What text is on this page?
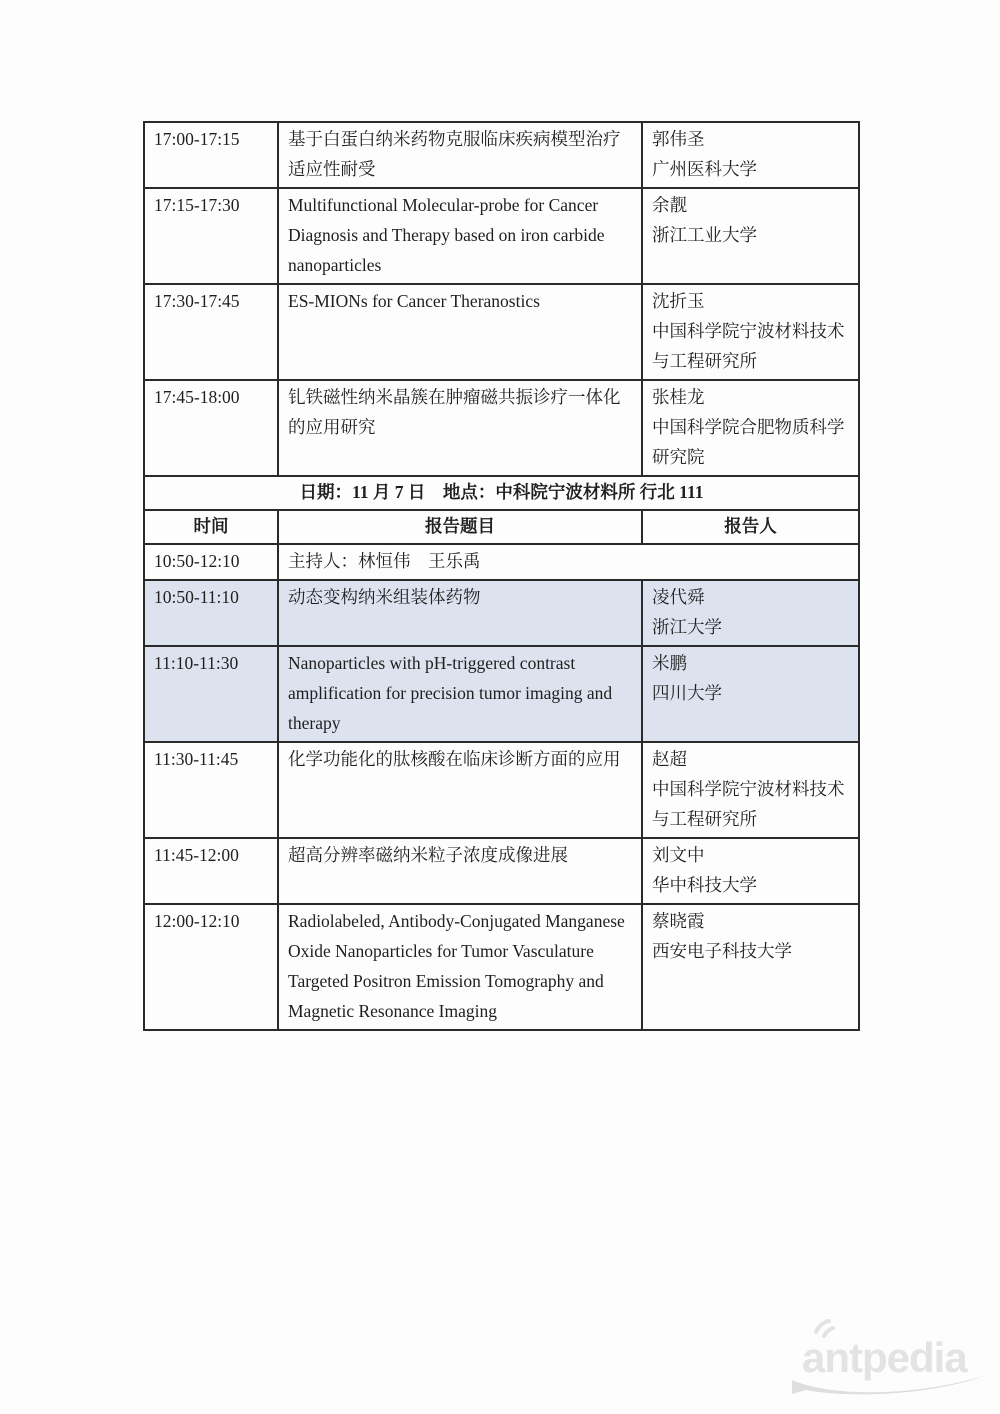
17:00-17:15	基于白蛋白纳米药物克服临床疾病模型治疗适应性耐受	郭伟圣
广州医科大学

17:15-17:30	Multifunctional Molecular-probe for Cancer Diagnosis and Therapy based on iron carbide nanoparticles	余靓
浙江工业大学

17:30-17:45	ES-MIONs for Cancer Theranostics	沈折玉
中国科学院宁波材料技术与工程研究所

17:45-18:00	钆铁磁性纳米晶簇在肿瘤磁共振诊疗一体化的应用研究	张桂龙
中国科学院合肥物质科学研究院

日期：11 月 7 日　地点：中科院宁波材料所 行北 111		
时间	报告题目	报告人
10:50-12:10	主持人：林恒伟　王乐禹	
10:50-11:10	动态变构纳米组装体药物	凌代舜
浙江大学

11:10-11:30	Nanoparticles with pH-triggered contrast amplification for precision tumor imaging and therapy	米鹏
四川大学

11:30-11:45	化学功能化的肽核酸在临床诊断方面的应用	赵超
中国科学院宁波材料技术与工程研究所

11:45-12:00	超高分辨率磁纳米粒子浓度成像进展	刘文中
华中科技大学

12:00-12:10	Radiolabeled, Antibody-Conjugated Manganese Oxide Nanoparticles for Tumor Vasculature Targeted Positron Emission Tomography and Magnetic Resonance Imaging	蔡晓霞
西安电子科技大学
antpedia
